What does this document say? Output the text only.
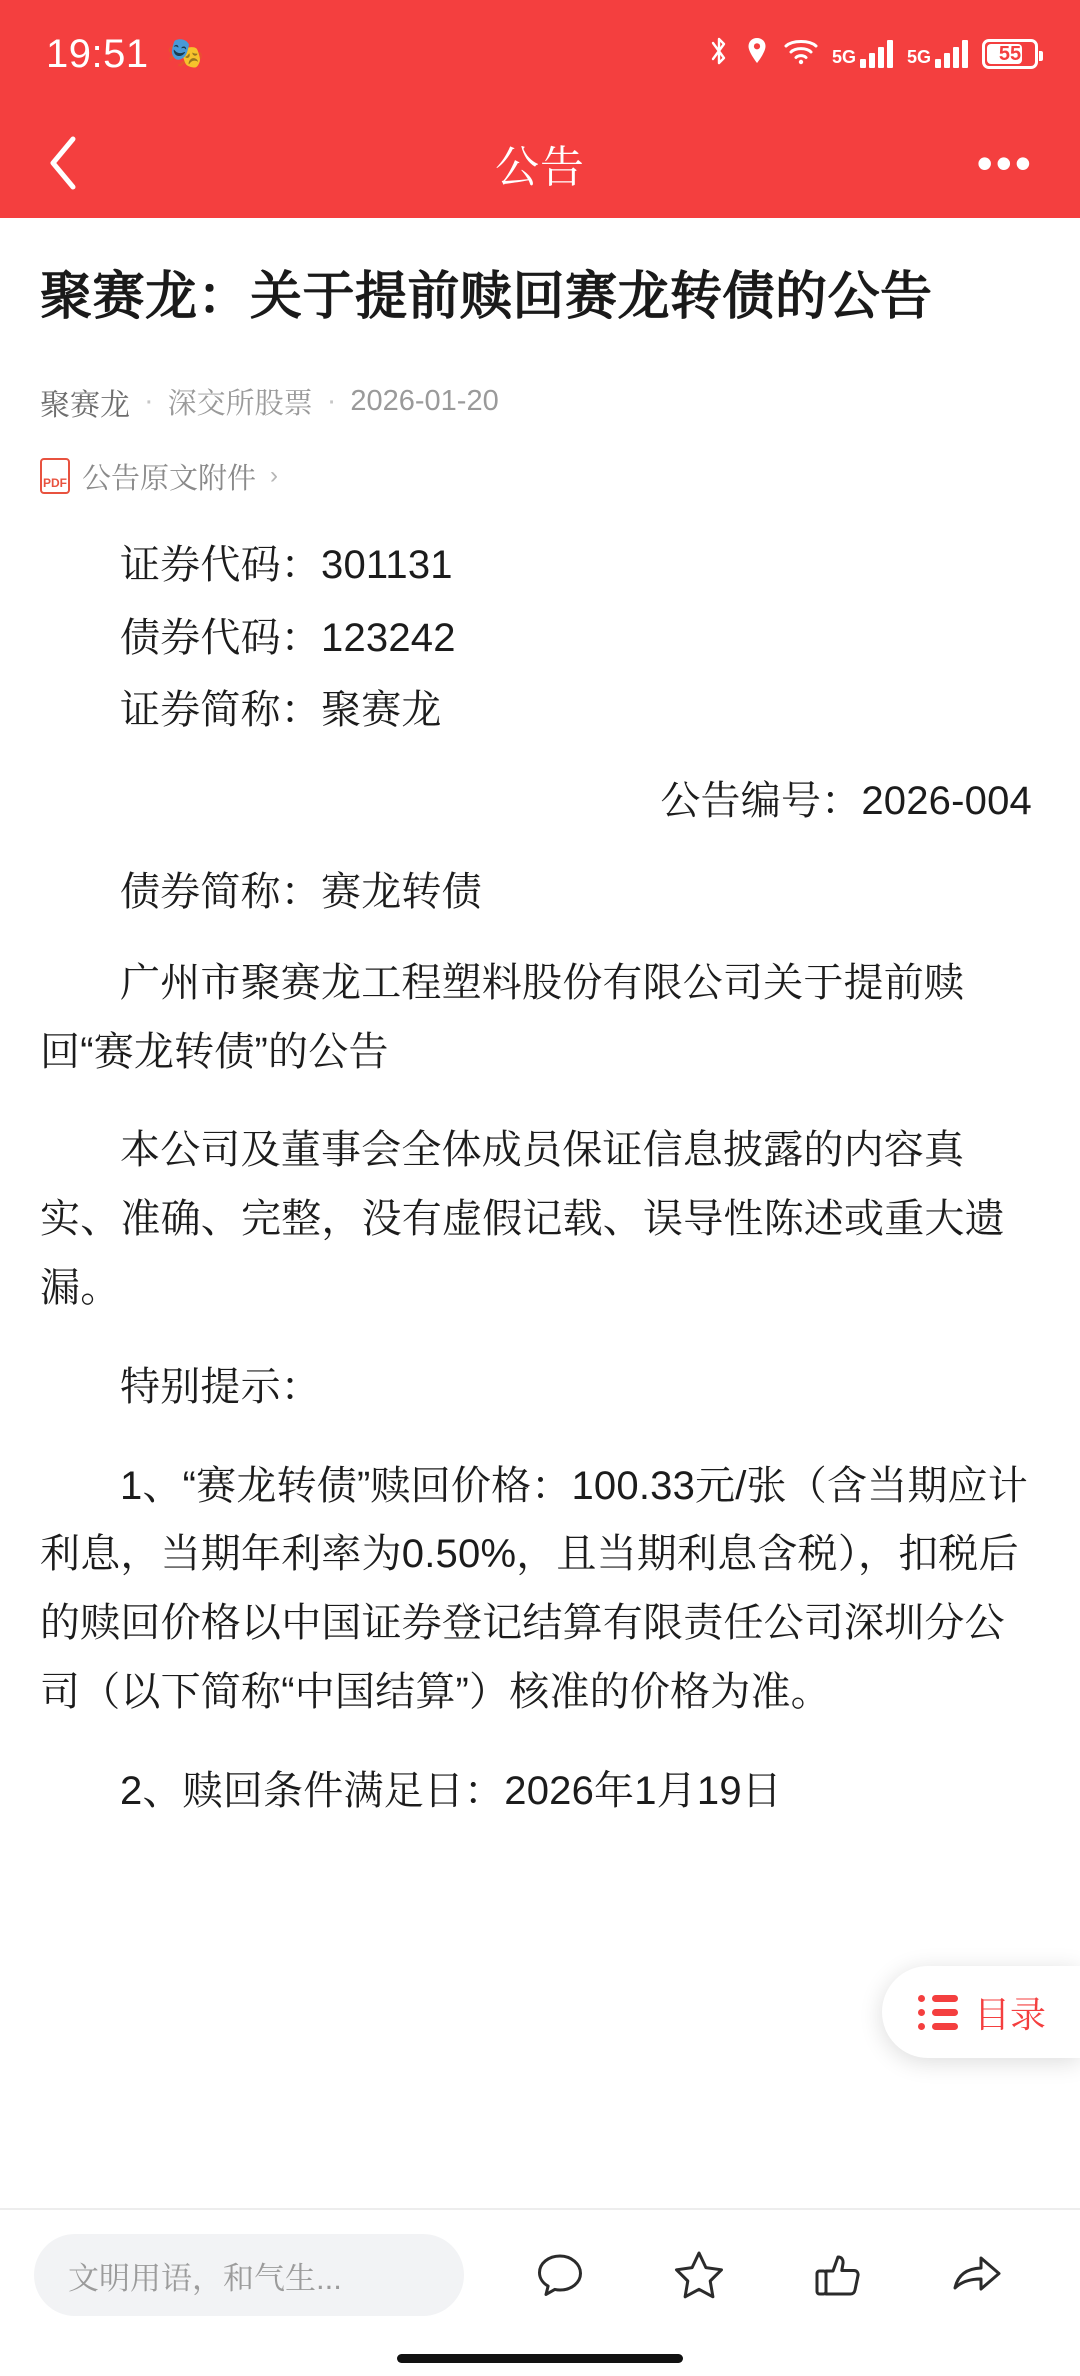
19:51 🎭	5G	5G	55
公告	•••
聚赛龙：关于提前赎回赛龙转债的公告
聚赛龙 · 深交所股票 · 2026-01-20
PDF 公告原文附件 ›

证券代码：301131

债券代码：123242

证券简称：聚赛龙

公告编号：2026-004

债券简称：赛龙转债

广州市聚赛龙工程塑料股份有限公司关于提前赎回“赛龙转债”的公告

本公司及董事会全体成员保证信息披露的内容真实、准确、完整，没有虚假记载、误导性陈述或重大遗漏。

特别提示：

1、“赛龙转债”赎回价格：100.33元/张（含当期应计利息，当期年利率为0.50%，且当期利息含税），扣税后的赎回价格以中国证券登记结算有限责任公司深圳分公司（以下简称“中国结算”）核准的价格为准。

2、赎回条件满足日：2026年1月19日

目录
文明用语，和气生...
